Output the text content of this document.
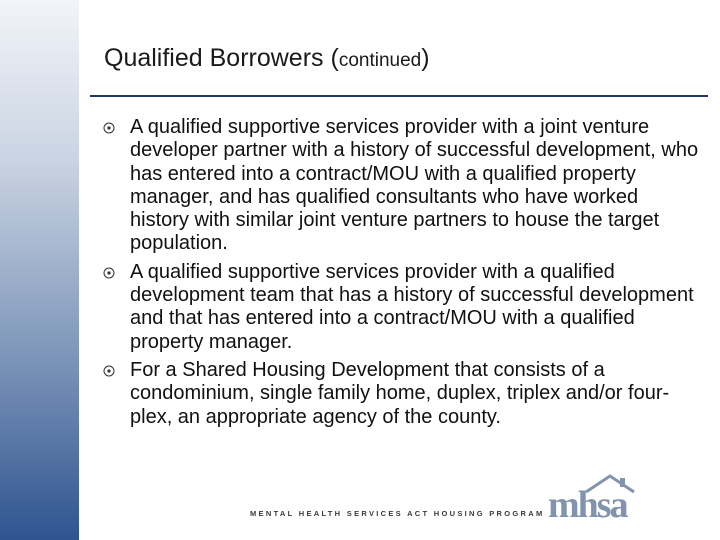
Qualified Borrowers (continued)
A qualified supportive services provider with a joint venture developer partner with a history of successful development, who has entered into a contract/MOU with a qualified property manager, and has qualified consultants who have worked history with similar joint venture partners to house the target population.
A qualified supportive services provider with a qualified development team that has a history of successful development and that has entered into a contract/MOU with a qualified property manager.
For a Shared Housing Development that consists of a condominium, single family home, duplex, triplex and/or four-plex, an appropriate agency of the county.
mhsa
MENTAL HEALTH SERVICES ACT HOUSING PROGRAM
